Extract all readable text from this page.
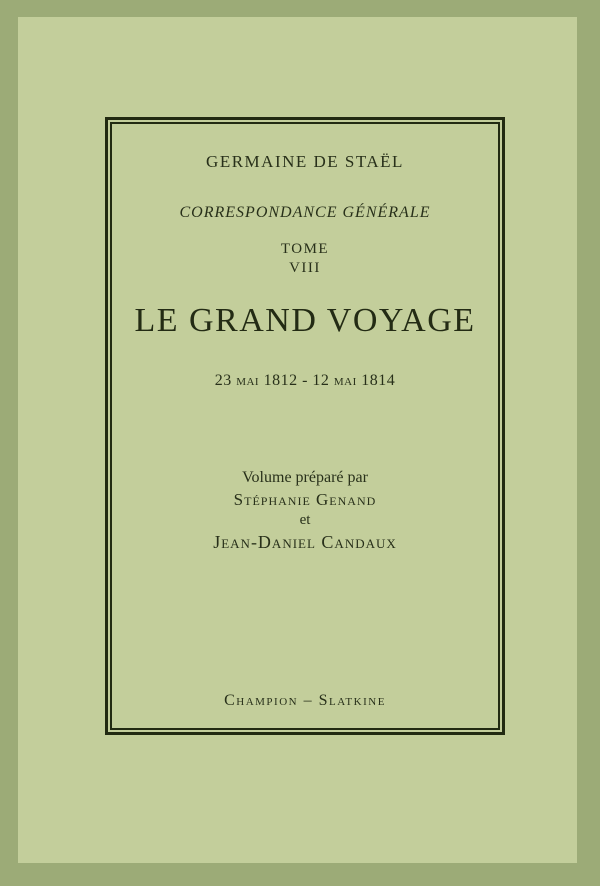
GERMAINE DE STAËL
CORRESPONDANCE GÉNÉRALE
TOME
VIII
LE GRAND VOYAGE
23 mai 1812 - 12 mai 1814
Volume préparé par
Stéphanie Genand
et
Jean-Daniel Candaux
Champion – Slatkine
